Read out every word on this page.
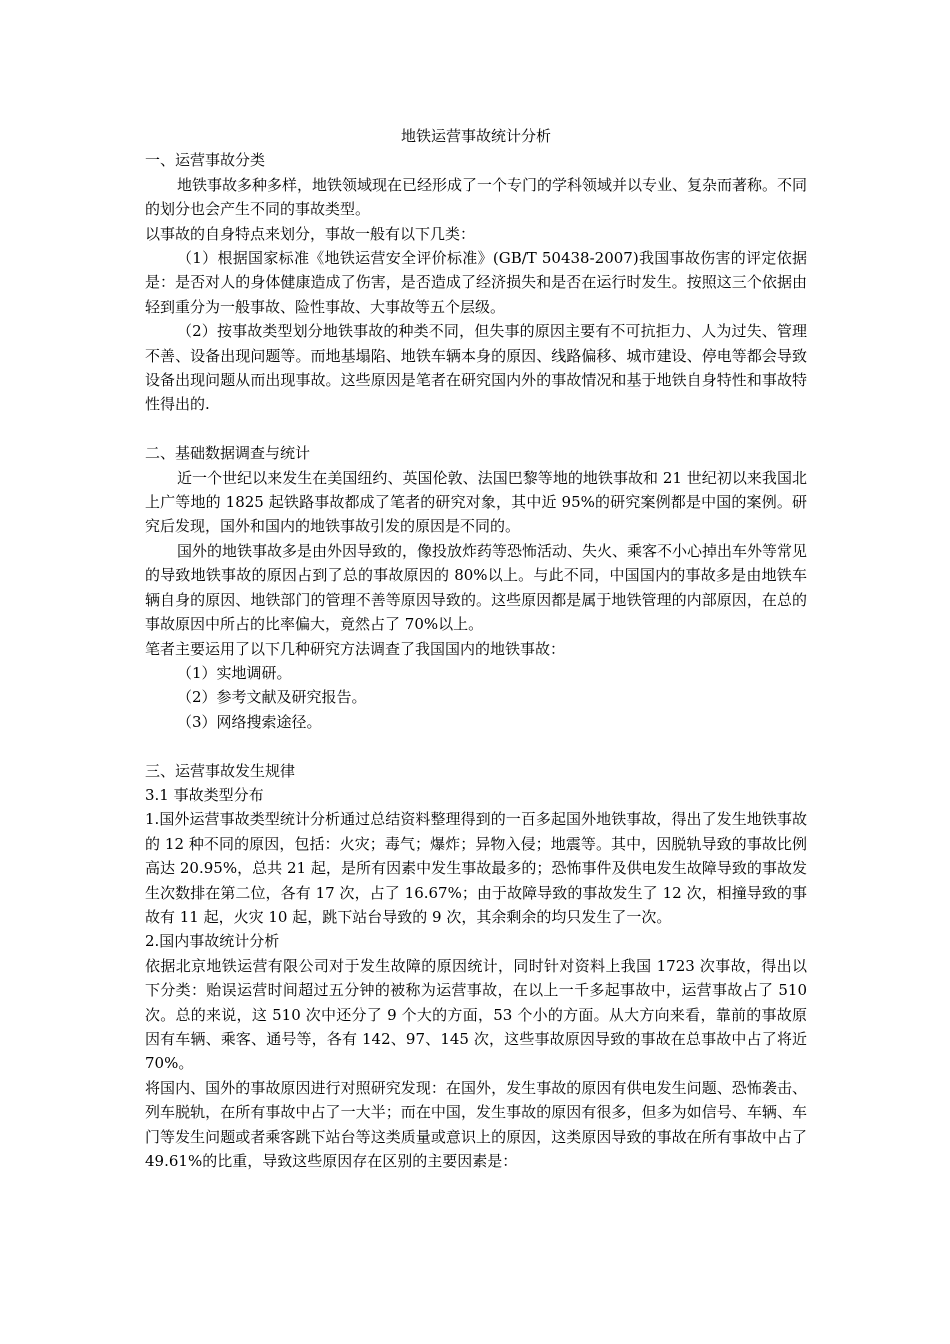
地铁运营事故统计分析

一、运营事故分类

地铁事故多种多样，地铁领域现在已经形成了一个专门的学科领域并以专业、复杂而著称。不同的划分也会产生不同的事故类型。

以事故的自身特点来划分，事故一般有以下几类：

（1）根据国家标准《地铁运营安全评价标准》(GB/T 50438-2007)我国事故伤害的评定依据是：是否对人的身体健康造成了伤害，是否造成了经济损失和是否在运行时发生。按照这三个依据由轻到重分为一般事故、险性事故、大事故等五个层级。

（2）按事故类型划分地铁事故的种类不同，但失事的原因主要有不可抗拒力、人为过失、管理不善、设备出现问题等。而地基塌陷、地铁车辆本身的原因、线路偏移、城市建设、停电等都会导致设备出现问题从而出现事故。这些原因是笔者在研究国内外的事故情况和基于地铁自身特性和事故特性得出的.

二、基础数据调查与统计

近一个世纪以来发生在美国纽约、英国伦敦、法国巴黎等地的地铁事故和 21 世纪初以来我国北上广等地的 1825 起铁路事故都成了笔者的研究对象，其中近 95%的研究案例都是中国的案例。研究后发现，国外和国内的地铁事故引发的原因是不同的。

国外的地铁事故多是由外因导致的，像投放炸药等恐怖活动、失火、乘客不小心掉出车外等常见的导致地铁事故的原因占到了总的事故原因的 80%以上。与此不同，中国国内的事故多是由地铁车辆自身的原因、地铁部门的管理不善等原因导致的。这些原因都是属于地铁管理的内部原因，在总的事故原因中所占的比率偏大，竟然占了 70%以上。

笔者主要运用了以下几种研究方法调查了我国国内的地铁事故：

（1）实地调研。

（2）参考文献及研究报告。

（3）网络搜索途径。

三、运营事故发生规律

3.1 事故类型分布

1.国外运营事故类型统计分析通过总结资料整理得到的一百多起国外地铁事故，得出了发生地铁事故的 12 种不同的原因，包括：火灾；毒气；爆炸；异物入侵；地震等。其中，因脱轨导致的事故比例高达 20.95%，总共 21 起，是所有因素中发生事故最多的；恐怖事件及供电发生故障导致的事故发生次数排在第二位，各有 17 次，占了 16.67%；由于故障导致的事故发生了 12 次，相撞导致的事故有 11 起，火灾 10 起，跳下站台导致的 9 次，其余剩余的均只发生了一次。

2.国内事故统计分析

依据北京地铁运营有限公司对于发生故障的原因统计，同时针对资料上我国 1723 次事故，得出以下分类：贻误运营时间超过五分钟的被称为运营事故，在以上一千多起事故中，运营事故占了 510 次。总的来说，这 510 次中还分了 9 个大的方面，53 个小的方面。从大方向来看，靠前的事故原因有车辆、乘客、通号等，各有 142、97、145 次，这些事故原因导致的事故在总事故中占了将近 70%。

将国内、国外的事故原因进行对照研究发现：在国外，发生事故的原因有供电发生问题、恐怖袭击、列车脱轨，在所有事故中占了一大半；而在中国，发生事故的原因有很多，但多为如信号、车辆、车门等发生问题或者乘客跳下站台等这类质量或意识上的原因，这类原因导致的事故在所有事故中占了 49.61%的比重，导致这些原因存在区别的主要因素是：
